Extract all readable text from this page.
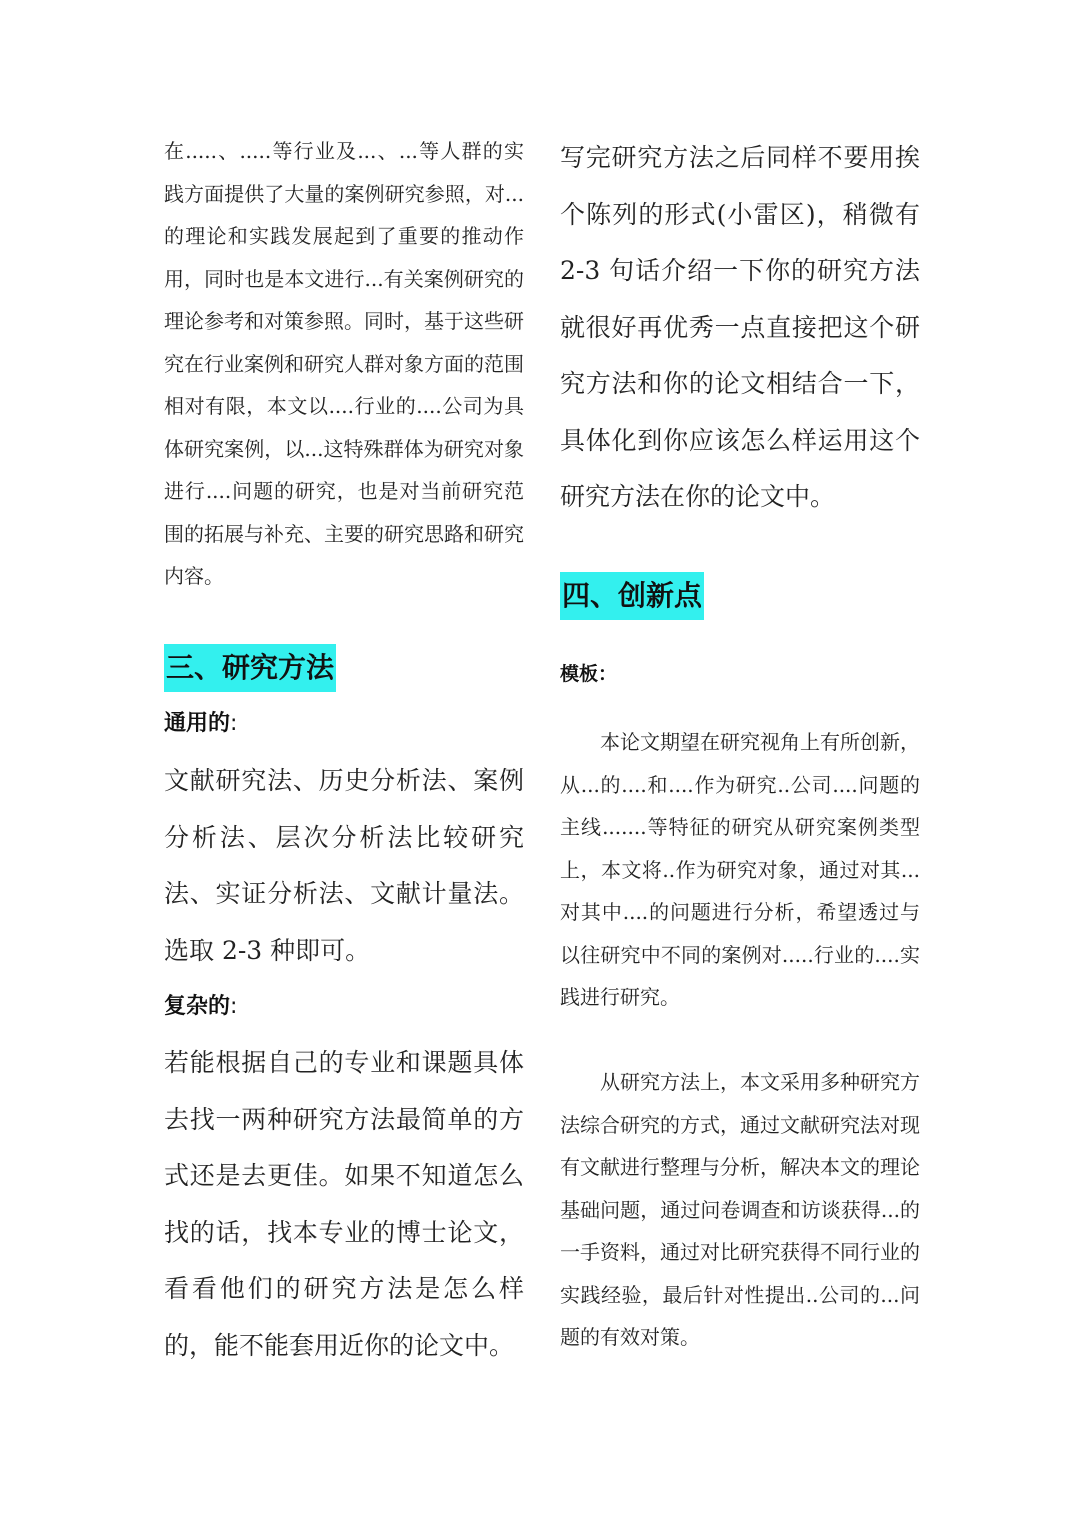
在.....、.....等行业及...、...等人群的实践方面提供了大量的案例研究参照，对...的理论和实践发展起到了重要的推动作用，同时也是本文进行...有关案例研究的理论参考和对策参照。同时，基于这些研究在行业案例和研究人群对象方面的范围相对有限，本文以....行业的....公司为具体研究案例，以...这特殊群体为研究对象进行....问题的研究，也是对当前研究范围的拓展与补充、主要的研究思路和研究内容。

三、研究方法
通用的:

文献研究法、历史分析法、案例分析法、层次分析法比较研究法、实证分析法、文献计量法。选取 2-3 种即可。

复杂的:

若能根据自己的专业和课题具体去找一两种研究方法最简单的方式还是去更佳。如果不知道怎么找的话，找本专业的博士论文，看看他们的研究方法是怎么样的，能不能套用近你的论文中。

写完研究方法之后同样不要用挨个陈列的形式(小雷区)，稍微有 2-3 句话介绍一下你的研究方法就很好再优秀一点直接把这个研究方法和你的论文相结合一下，具体化到你应该怎么样运用这个研究方法在你的论文中。

四、创新点
模板：

本论文期望在研究视角上有所创新，从...的....和....作为研究..公司....问题的主线.......等特征的研究从研究案例类型上，本文将..作为研究对象，通过对其...对其中....的问题进行分析，希望透过与以往研究中不同的案例对.....行业的....实践进行研究。

从研究方法上，本文采用多种研究方法综合研究的方式，通过文献研究法对现有文献进行整理与分析，解决本文的理论基础问题，通过问卷调查和访谈获得...的一手资料，通过对比研究获得不同行业的实践经验，最后针对性提出..公司的...问题的有效对策。
